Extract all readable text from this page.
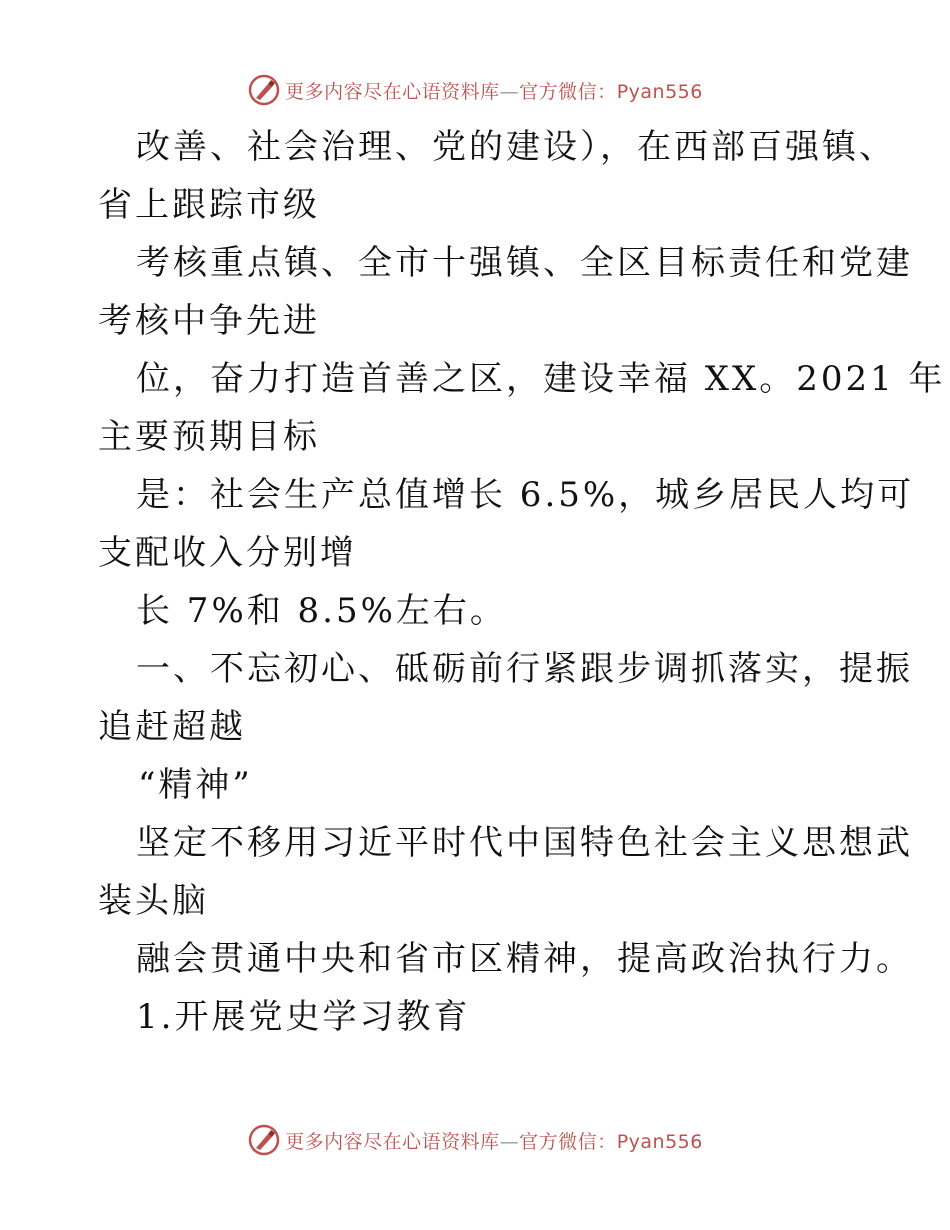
更多内容尽在心语资料库—官方微信：Pyan556
改善、社会治理、党的建设），在西部百强镇、
省上跟踪市级
考核重点镇、全市十强镇、全区目标责任和党建
考核中争先进
位，奋力打造首善之区，建设幸福 XX。2021 年
主要预期目标
是：社会生产总值增长 6.5%，城乡居民人均可
支配收入分别增
长 7%和 8.5%左右。
一、不忘初心、砥砺前行紧跟步调抓落实，提振
追赶超越
“精神”
坚定不移用习近平时代中国特色社会主义思想武
装头脑
融会贯通中央和省市区精神，提高政治执行力。
1.开展党史学习教育
更多内容尽在心语资料库—官方微信：Pyan556
